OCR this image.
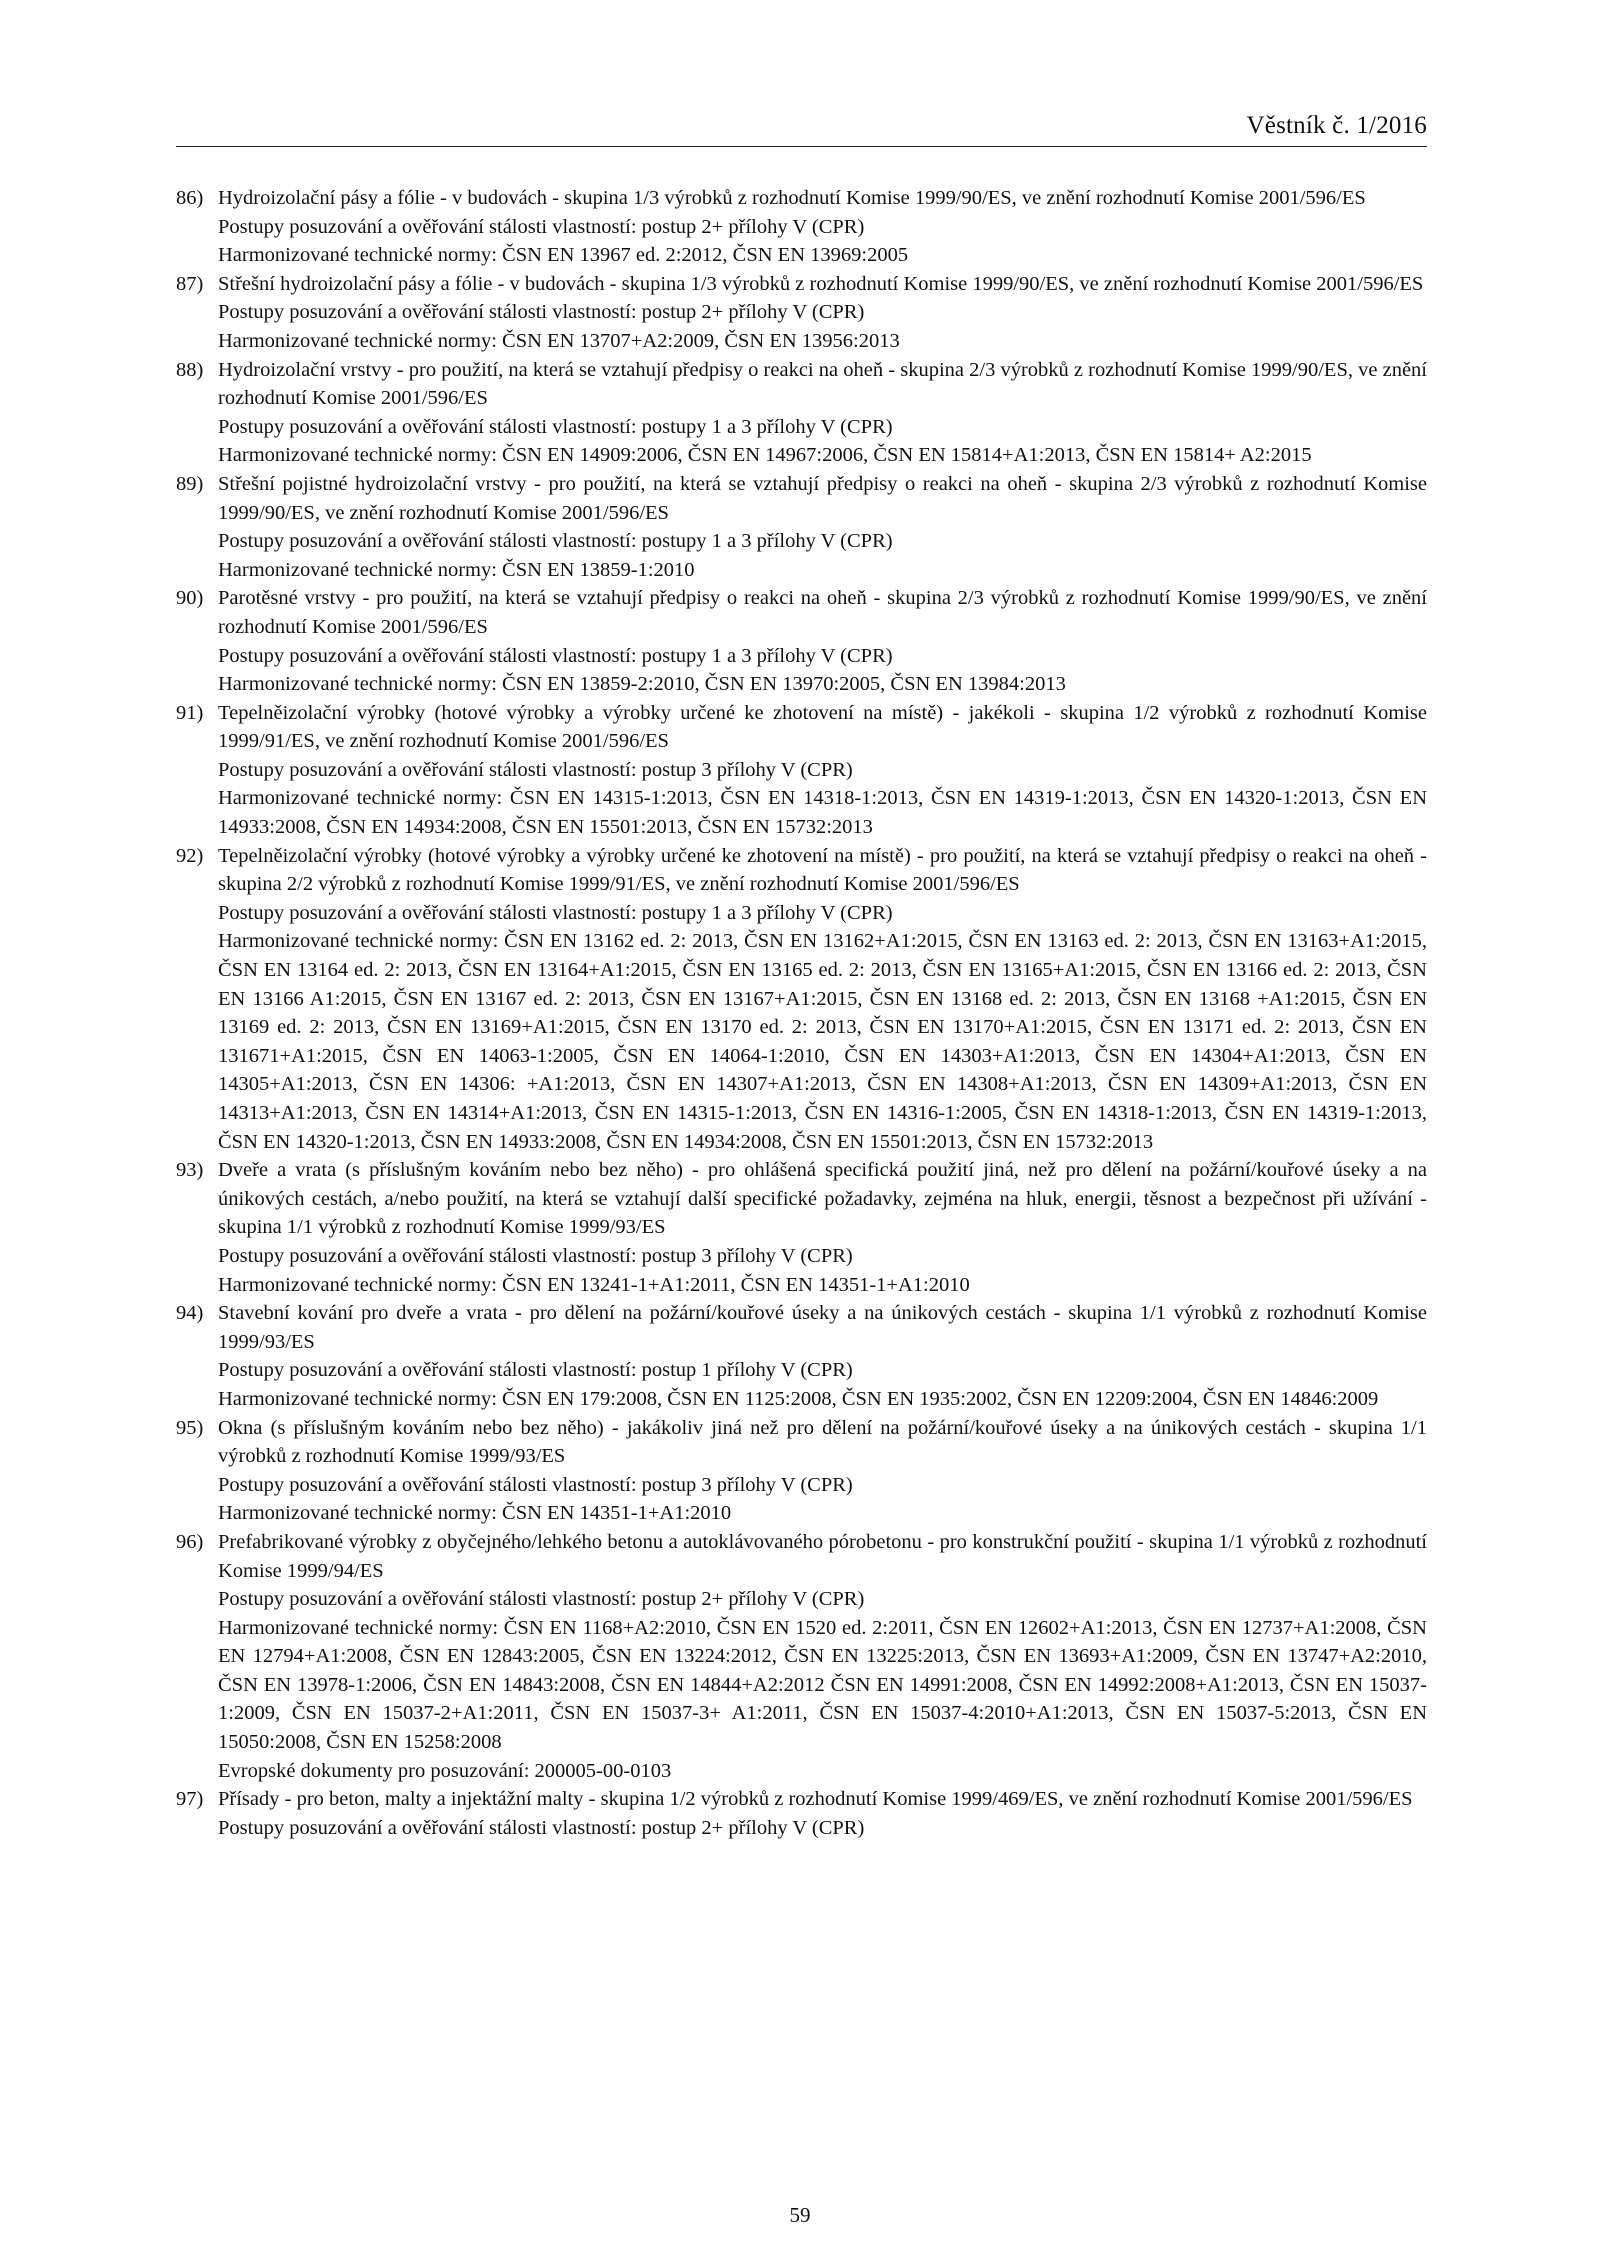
Věstník č. 1/2016
86) Hydroizolační pásy a fólie - v budovách - skupina 1/3 výrobků z rozhodnutí Komise 1999/90/ES, ve znění rozhodnutí Komise 2001/596/ES
Postupy posuzování a ověřování stálosti vlastností: postup 2+ přílohy V (CPR)
Harmonizované technické normy: ČSN EN 13967 ed. 2:2012, ČSN EN 13969:2005
87) Střešní hydroizolační pásy a fólie - v budovách - skupina 1/3 výrobků z rozhodnutí Komise 1999/90/ES, ve znění rozhodnutí Komise 2001/596/ES
Postupy posuzování a ověřování stálosti vlastností: postup 2+ přílohy V (CPR)
Harmonizované technické normy: ČSN EN 13707+A2:2009, ČSN EN 13956:2013
88) Hydroizolační vrstvy - pro použití, na která se vztahují předpisy o reakci na oheň - skupina 2/3 výrobků z rozhodnutí Komise 1999/90/ES, ve znění rozhodnutí Komise 2001/596/ES
Postupy posuzování a ověřování stálosti vlastností: postupy 1 a 3 přílohy V (CPR)
Harmonizované technické normy: ČSN EN 14909:2006, ČSN EN 14967:2006, ČSN EN 15814+A1:2013, ČSN EN 15814+ A2:2015
89) Střešní pojistné hydroizolační vrstvy - pro použití, na která se vztahují předpisy o reakci na oheň - skupina 2/3 výrobků z rozhodnutí Komise 1999/90/ES, ve znění rozhodnutí Komise 2001/596/ES
Postupy posuzování a ověřování stálosti vlastností: postupy 1 a 3 přílohy V (CPR)
Harmonizované technické normy: ČSN EN 13859-1:2010
90) Parotěsné vrstvy - pro použití, na která se vztahují předpisy o reakci na oheň - skupina 2/3 výrobků z rozhodnutí Komise 1999/90/ES, ve znění rozhodnutí Komise 2001/596/ES
Postupy posuzování a ověřování stálosti vlastností: postupy 1 a 3 přílohy V (CPR)
Harmonizované technické normy: ČSN EN 13859-2:2010, ČSN EN 13970:2005, ČSN EN 13984:2013
91) Tepelněizolační výrobky (hotové výrobky a výrobky určené ke zhotovení na místě) - jakékoli - skupina 1/2 výrobků z rozhodnutí Komise 1999/91/ES, ve znění rozhodnutí Komise 2001/596/ES
Postupy posuzování a ověřování stálosti vlastností: postup 3 přílohy V (CPR)
Harmonizované technické normy: ČSN EN 14315-1:2013, ČSN EN 14318-1:2013, ČSN EN 14319-1:2013, ČSN EN 14320-1:2013, ČSN EN 14933:2008, ČSN EN 14934:2008, ČSN EN 15501:2013, ČSN EN 15732:2013
92) Tepelněizolační výrobky (hotové výrobky a výrobky určené ke zhotovení na místě) - pro použití, na která se vztahují předpisy o reakci na oheň - skupina 2/2 výrobků z rozhodnutí Komise 1999/91/ES, ve znění rozhodnutí Komise 2001/596/ES
Postupy posuzování a ověřování stálosti vlastností: postupy 1 a 3 přílohy V (CPR)
Harmonizované technické normy: ČSN EN 13162 ed. 2: 2013, ČSN EN 13162+A1:2015, ČSN EN 13163 ed. 2: 2013, ČSN EN 13163+A1:2015, ČSN EN 13164 ed. 2: 2013, ČSN EN 13164+A1:2015, ČSN EN 13165 ed. 2: 2013, ČSN EN 13165+A1:2015, ČSN EN 13166 ed. 2: 2013, ČSN EN 13166 A1:2015, ČSN EN 13167 ed. 2: 2013, ČSN EN 13167+A1:2015, ČSN EN 13168 ed. 2: 2013, ČSN EN 13168 +A1:2015, ČSN EN 13169 ed. 2: 2013, ČSN EN 13169+A1:2015, ČSN EN 13170 ed. 2: 2013, ČSN EN 13170+A1:2015, ČSN EN 13171 ed. 2: 2013, ČSN EN 131671+A1:2015, ČSN EN 14063-1:2005, ČSN EN 14064-1:2010, ČSN EN 14303+A1:2013, ČSN EN 14304+A1:2013, ČSN EN 14305+A1:2013, ČSN EN 14306: +A1:2013, ČSN EN 14307+A1:2013, ČSN EN 14308+A1:2013, ČSN EN 14309+A1:2013, ČSN EN 14313+A1:2013, ČSN EN 14314+A1:2013, ČSN EN 14315-1:2013, ČSN EN 14316-1:2005, ČSN EN 14318-1:2013, ČSN EN 14319-1:2013, ČSN EN 14320-1:2013, ČSN EN 14933:2008, ČSN EN 14934:2008, ČSN EN 15501:2013, ČSN EN 15732:2013
93) Dveře a vrata (s příslušným kováním nebo bez něho) - pro ohlášená specifická použití jiná, než pro dělení na požární/kouřové úseky a na únikových cestách, a/nebo použití, na která se vztahují další specifické požadavky, zejména na hluk, energii, těsnost a bezpečnost při užívání - skupina 1/1 výrobků z rozhodnutí Komise 1999/93/ES
Postupy posuzování a ověřování stálosti vlastností: postup 3 přílohy V (CPR)
Harmonizované technické normy: ČSN EN 13241-1+A1:2011, ČSN EN 14351-1+A1:2010
94) Stavební kování pro dveře a vrata - pro dělení na požární/kouřové úseky a na únikových cestách - skupina 1/1 výrobků z rozhodnutí Komise 1999/93/ES
Postupy posuzování a ověřování stálosti vlastností: postup 1 přílohy V (CPR)
Harmonizované technické normy: ČSN EN 179:2008, ČSN EN 1125:2008, ČSN EN 1935:2002, ČSN EN 12209:2004, ČSN EN 14846:2009
95) Okna (s příslušným kováním nebo bez něho) - jakákoliv jiná než pro dělení na požární/kouřové úseky a na únikových cestách - skupina 1/1 výrobků z rozhodnutí Komise 1999/93/ES
Postupy posuzování a ověřování stálosti vlastností: postup 3 přílohy V (CPR)
Harmonizované technické normy: ČSN EN 14351-1+A1:2010
96) Prefabrikované výrobky z obyčejného/lehkého betonu a autoklávovaného pórobetonu - pro konstrukční použití - skupina 1/1 výrobků z rozhodnutí Komise 1999/94/ES
Postupy posuzování a ověřování stálosti vlastností: postup 2+ přílohy V (CPR)
Harmonizované technické normy: ČSN EN 1168+A2:2010, ČSN EN 1520 ed. 2:2011, ČSN EN 12602+A1:2013, ČSN EN 12737+A1:2008, ČSN EN 12794+A1:2008, ČSN EN 12843:2005, ČSN EN 13224:2012, ČSN EN 13225:2013, ČSN EN 13693+A1:2009, ČSN EN 13747+A2:2010, ČSN EN 13978-1:2006, ČSN EN 14843:2008, ČSN EN 14844+A2:2012 ČSN EN 14991:2008, ČSN EN 14992:2008+A1:2013, ČSN EN 15037-1:2009, ČSN EN 15037-2+A1:2011, ČSN EN 15037-3+ A1:2011, ČSN EN 15037-4:2010+A1:2013, ČSN EN 15037-5:2013, ČSN EN 15050:2008, ČSN EN 15258:2008
Evropské dokumenty pro posuzování: 200005-00-0103
97) Přísady - pro beton, malty a injektážní malty - skupina 1/2 výrobků z rozhodnutí Komise 1999/469/ES, ve znění rozhodnutí Komise 2001/596/ES
Postupy posuzování a ověřování stálosti vlastností: postup 2+ přílohy V (CPR)
59
